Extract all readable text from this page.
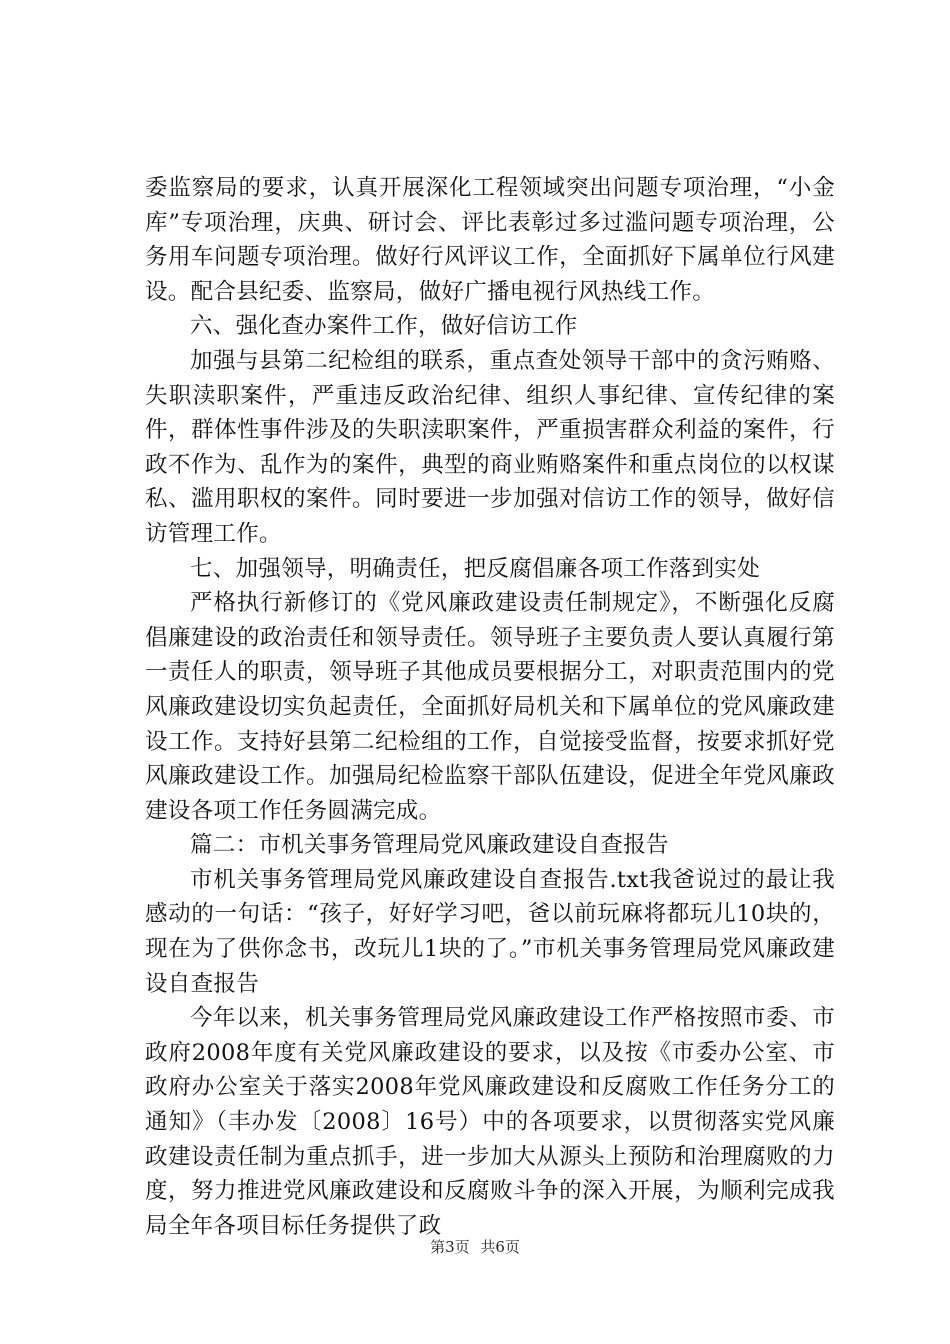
委监察局的要求，认真开展深化工程领域突出问题专项治理，“小金库”专项治理，庆典、研讨会、评比表彰过多过滥问题专项治理，公务用车问题专项治理。做好行风评议工作，全面抓好下属单位行风建设。配合县纪委、监察局，做好广播电视行风热线工作。

六、强化查办案件工作，做好信访工作

加强与县第二纪检组的联系，重点查处领导干部中的贪污贿赂、失职渎职案件，严重违反政治纪律、组织人事纪律、宣传纪律的案件，群体性事件涉及的失职渎职案件，严重损害群众利益的案件，行政不作为、乱作为的案件，典型的商业贿赂案件和重点岗位的以权谋私、滥用职权的案件。同时要进一步加强对信访工作的领导，做好信访管理工作。

七、加强领导，明确责任，把反腐倡廉各项工作落到实处

严格执行新修订的《党风廉政建设责任制规定》，不断强化反腐倡廉建设的政治责任和领导责任。领导班子主要负责人要认真履行第一责任人的职责，领导班子其他成员要根据分工，对职责范围内的党风廉政建设切实负起责任，全面抓好局机关和下属单位的党风廉政建设工作。支持好县第二纪检组的工作，自觉接受监督，按要求抓好党风廉政建设工作。加强局纪检监察干部队伍建设，促进全年党风廉政建设各项工作任务圆满完成。

篇二：市机关事务管理局党风廉政建设自查报告

市机关事务管理局党风廉政建设自查报告.txt我爸说过的最让我感动的一句话：“孩子，好好学习吧，爸以前玩麻将都玩儿10块的，现在为了供你念书，改玩儿1块的了。”市机关事务管理局党风廉政建设自查报告

今年以来，机关事务管理局党风廉政建设工作严格按照市委、市政府2008年度有关党风廉政建设的要求，以及按《市委办公室、市政府办公室关于落实2008年党风廉政建设和反腐败工作任务分工的通知》（丰办发〔2008〕16号）中的各项要求，以贯彻落实党风廉政建设责任制为重点抓手，进一步加大从源头上预防和治理腐败的力度，努力推进党风廉政建设和反腐败斗争的深入开展，为顺利完成我局全年各项目标任务提供了政

第3页 共6页
